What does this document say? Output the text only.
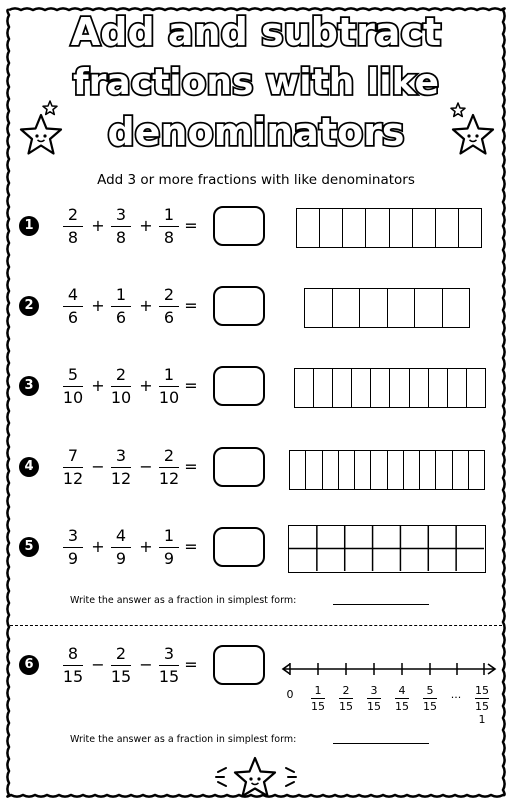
Add and subtract
fractions with like
denominators
Add 3 or more fractions with like denominators
1
2
8
3
8
1
8
+ + =
2
4
6
1
6
2
6
+ + =
3
5
10
2
10
1
10
+ + =
4
7
12
3
12
2
12
− − =
5
3
9
4
9
1
9
+ + =
6
8
15
2
15
3
15
− − =
Write the answer as a fraction in simplest form:
0	1
15
2
15
3
15
4
15
5
15
...	15
15
1
Write the answer as a fraction in simplest form:
